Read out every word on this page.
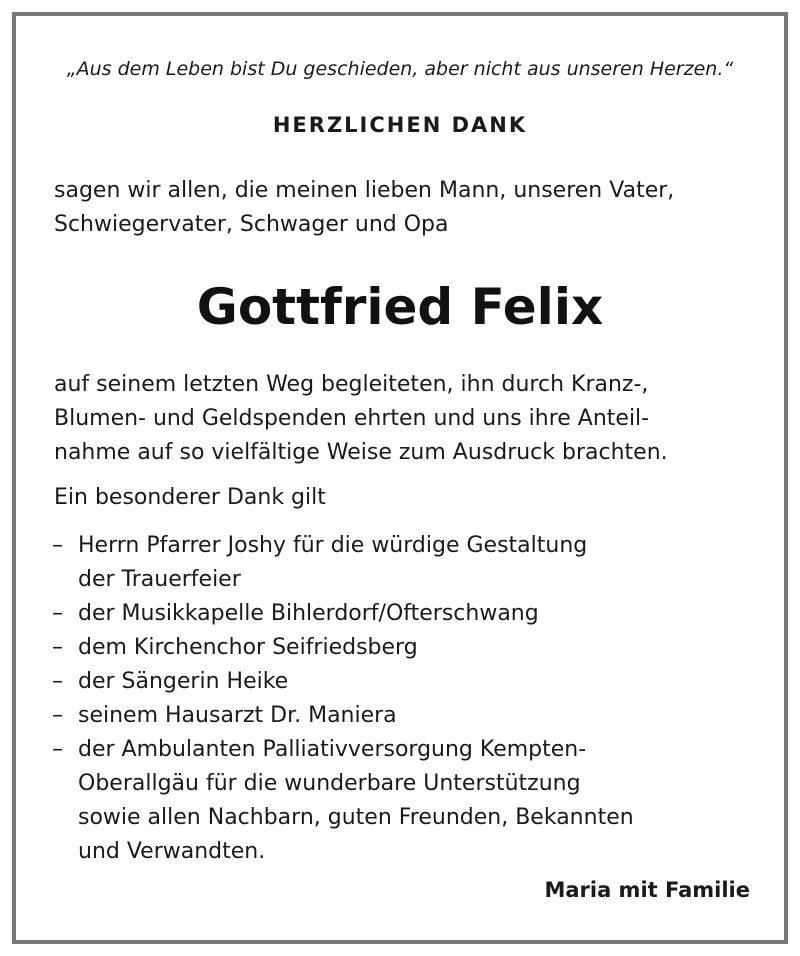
„Aus dem Leben bist Du geschieden, aber nicht aus unseren Herzen.“
HERZLICHEN DANK
sagen wir allen, die meinen lieben Mann, unseren Vater,
Schwiegervater, Schwager und Opa
Gottfried Felix
auf seinem letzten Weg begleiteten, ihn durch Kranz-,
Blumen- und Geldspenden ehrten und uns ihre Anteil-
nahme auf so vielfältige Weise zum Ausdruck brachten.
Ein besonderer Dank gilt
– Herrn Pfarrer Joshy für die würdige Gestaltung
der Trauerfeier
– der Musikkapelle Bihlerdorf/Ofterschwang
– dem Kirchenchor Seifriedsberg
– der Sängerin Heike
– seinem Hausarzt Dr. Maniera
– der Ambulanten Palliativversorgung Kempten-
Oberallgäu für die wunderbare Unterstützung
sowie allen Nachbarn, guten Freunden, Bekannten
und Verwandten.
Maria mit Familie
